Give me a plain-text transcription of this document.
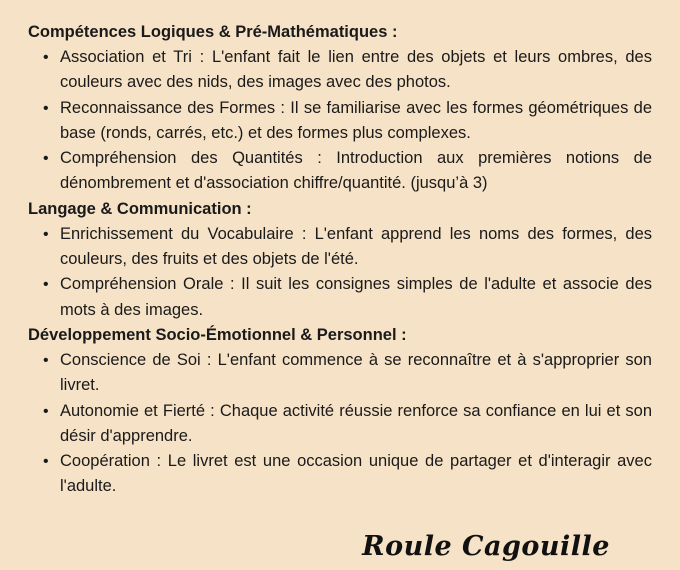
Compétences Logiques & Pré-Mathématiques :

• Association et Tri : L'enfant fait le lien entre des objets et leurs ombres, des couleurs avec des nids, des images avec des photos.
• Reconnaissance des Formes : Il se familiarise avec les formes géométriques de base (ronds, carrés, etc.) et des formes plus complexes.
• Compréhension des Quantités : Introduction aux premières notions de dénombrement et d'association chiffre/quantité. (jusqu’à 3)

Langage & Communication :

• Enrichissement du Vocabulaire : L'enfant apprend les noms des formes, des couleurs, des fruits et des objets de l'été.
• Compréhension Orale : Il suit les consignes simples de l'adulte et associe des mots à des images.

Développement Socio-Émotionnel & Personnel :

• Conscience de Soi : L'enfant commence à se reconnaître et à s'approprier son livret.
• Autonomie et Fierté : Chaque activité réussie renforce sa confiance en lui et son désir d'apprendre.
• Coopération : Le livret est une occasion unique de partager et d'interagir avec l'adulte.
Roule Cagouille
